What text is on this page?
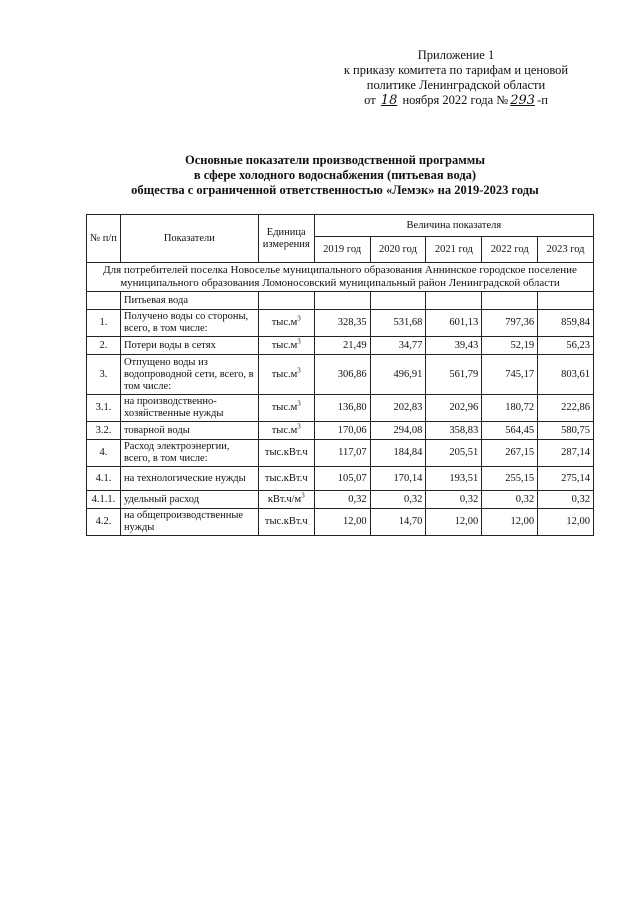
Приложение 1
к приказу комитета по тарифам и ценовой
политике Ленинградской области
от 18 ноября 2022 года № 293 -п
Основные показатели производственной программы
в сфере холодного водоснабжения (питьевая вода)
общества с ограниченной ответственностью «Лемэк» на 2019-2023 годы
№ п/п	Показатели	Единица измерения	Величина показателя				
			2019 год	2020 год	2021 год	2022 год	2023 год
Для потребителей поселка Новоселье муниципального образования Аннинское городское поселение муниципального образования Ломоносовский муниципальный район Ленинградской области							
	Питьевая вода						
1.	Получено воды со стороны, всего, в том числе:	$тыс.м^3$	328,35	531,68	601,13	797,36	859,84
2.	Потери воды в сетях	$тыс.м^3$	21,49	34,77	39,43	52,19	56,23
3.	Отпущено воды из водопроводной сети, всего, в том числе:	$тыс.м^3$	306,86	496,91	561,79	745,17	803,61
3.1.	на производственно-хозяйственные нужды	$тыс.м^3$	136,80	202,83	202,96	180,72	222,86
3.2.	товарной воды	$тыс.м^3$	170,06	294,08	358,83	564,45	580,75
4.	Расход электроэнергии, всего, в том числе:	тыс.кВт.ч	117,07	184,84	205,51	267,15	287,14
4.1.	на технологические нужды	тыс.кВт.ч	105,07	170,14	193,51	255,15	275,14
4.1.1.	удельный расход	$кВт.ч/м^3$	0,32	0,32	0,32	0,32	0,32
4.2.	на общепроизводственные нужды	тыс.кВт.ч	12,00	14,70	12,00	12,00	12,00
